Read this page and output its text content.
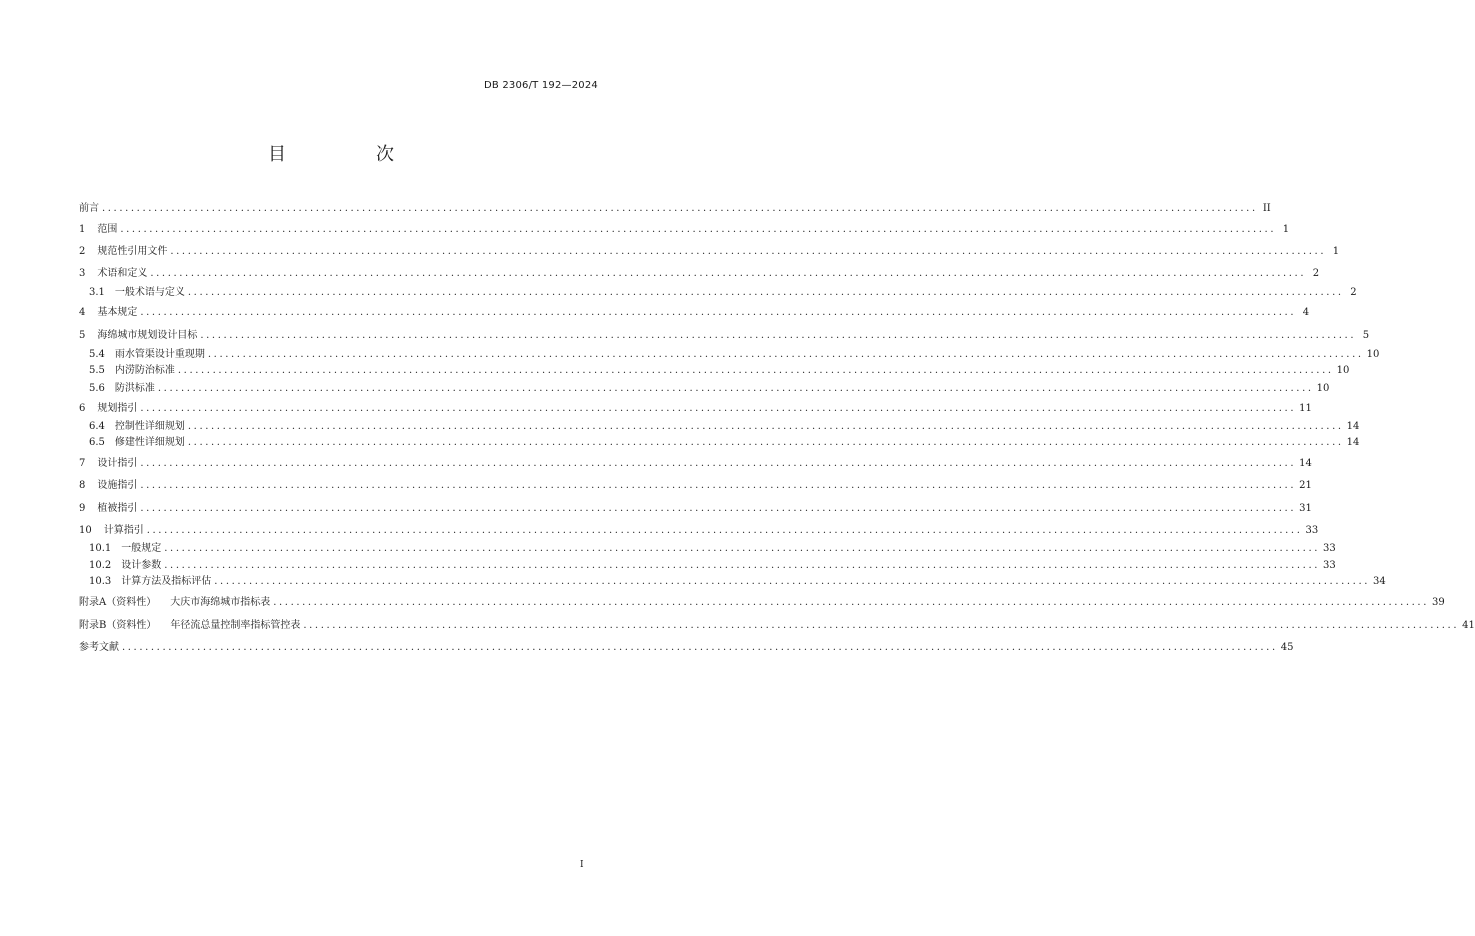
DB 2306/T 192—2024
目　次
前言 ........................................................................................................................................................................................................ II
1 范围 ........................................................................................................................................................................................................ 1
2 规范性引用文件 ........................................................................................................................................................................................................ 1
3 术语和定义 ........................................................................................................................................................................................................ 2
3.1 一般术语与定义 ........................................................................................................................................................................................................ 2
4 基本规定 ........................................................................................................................................................................................................ 4
5 海绵城市规划设计目标 ........................................................................................................................................................................................................ 5
5.4 雨水管渠设计重现期 ........................................................................................................................................................................................................ 10
5.5 内涝防治标准 ........................................................................................................................................................................................................ 10
5.6 防洪标准 ........................................................................................................................................................................................................ 10
6 规划指引 ........................................................................................................................................................................................................ 11
6.4 控制性详细规划 ........................................................................................................................................................................................................ 14
6.5 修建性详细规划 ........................................................................................................................................................................................................ 14
7 设计指引 ........................................................................................................................................................................................................ 14
8 设施指引 ........................................................................................................................................................................................................ 21
9 植被指引 ........................................................................................................................................................................................................ 31
10 计算指引 ........................................................................................................................................................................................................ 33
10.1 一般规定 ........................................................................................................................................................................................................ 33
10.2 设计参数 ........................................................................................................................................................................................................ 33
10.3 计算方法及指标评估 ........................................................................................................................................................................................................ 34
附录A（资料性） 大庆市海绵城市指标表 ........................................................................................................................................................................................................ 39
附录B（资料性） 年径流总量控制率指标管控表 ........................................................................................................................................................................................................ 41
参考文献 ........................................................................................................................................................................................................ 45
I
